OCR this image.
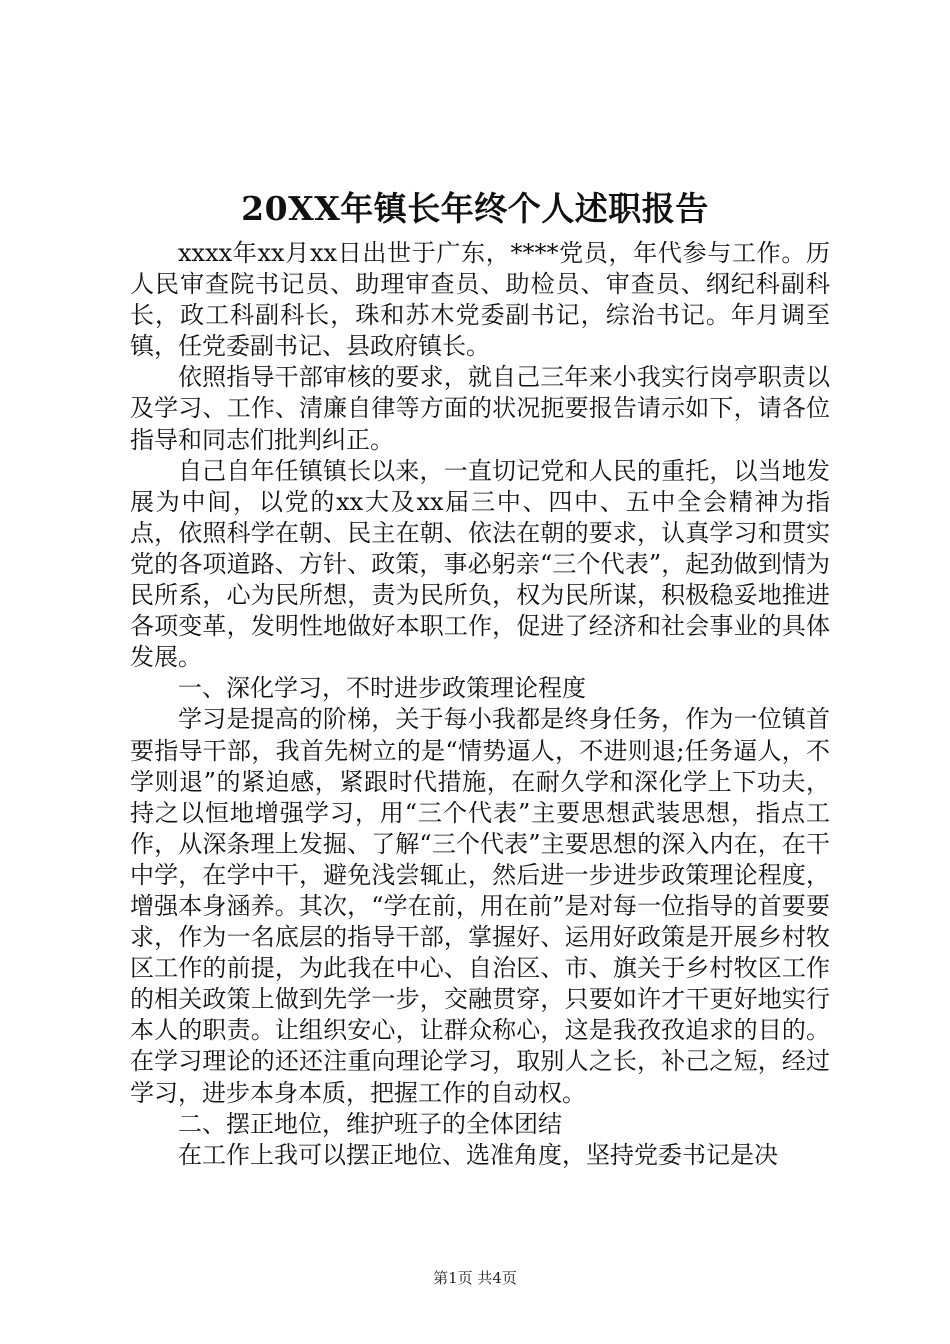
20XX年镇长年终个人述职报告

xxxx年xx月xx日出世于广东，****党员，年代参与工作。历人民审查院书记员、助理审查员、助检员、审查员、纲纪科副科长，政工科副科长，珠和苏木党委副书记，综治书记。年月调至镇，任党委副书记、县政府镇长。

依照指导干部审核的要求，就自己三年来小我实行岗亭职责以及学习、工作、清廉自律等方面的状况扼要报告请示如下，请各位指导和同志们批判纠正。

自己自年任镇镇长以来，一直切记党和人民的重托，以当地发展为中间，以党的xx大及xx届三中、四中、五中全会精神为指点，依照科学在朝、民主在朝、依法在朝的要求，认真学习和贯实党的各项道路、方针、政策，事必躬亲“三个代表”，起劲做到情为民所系，心为民所想，责为民所负，权为民所谋，积极稳妥地推进各项变革，发明性地做好本职工作，促进了经济和社会事业的具体发展。

一、深化学习，不时进步政策理论程度

学习是提高的阶梯，关于每小我都是终身任务，作为一位镇首要指导干部，我首先树立的是“情势逼人，不进则退;任务逼人，不学则退”的紧迫感，紧跟时代措施，在耐久学和深化学上下功夫，持之以恒地增强学习，用“三个代表”主要思想武装思想，指点工作，从深条理上发掘、了解“三个代表”主要思想的深入内在，在干中学，在学中干，避免浅尝辄止，然后进一步进步政策理论程度，增强本身涵养。其次，“学在前，用在前”是对每一位指导的首要要求，作为一名底层的指导干部，掌握好、运用好政策是开展乡村牧区工作的前提，为此我在中心、自治区、市、旗关于乡村牧区工作的相关政策上做到先学一步，交融贯穿，只要如许才干更好地实行本人的职责。让组织安心，让群众称心，这是我孜孜追求的目的。在学习理论的还还注重向理论学习，取别人之长，补己之短，经过学习，进步本身本质，把握工作的自动权。

二、摆正地位，维护班子的全体团结

在工作上我可以摆正地位、选准角度，坚持党委书记是决

第1页 共4页
